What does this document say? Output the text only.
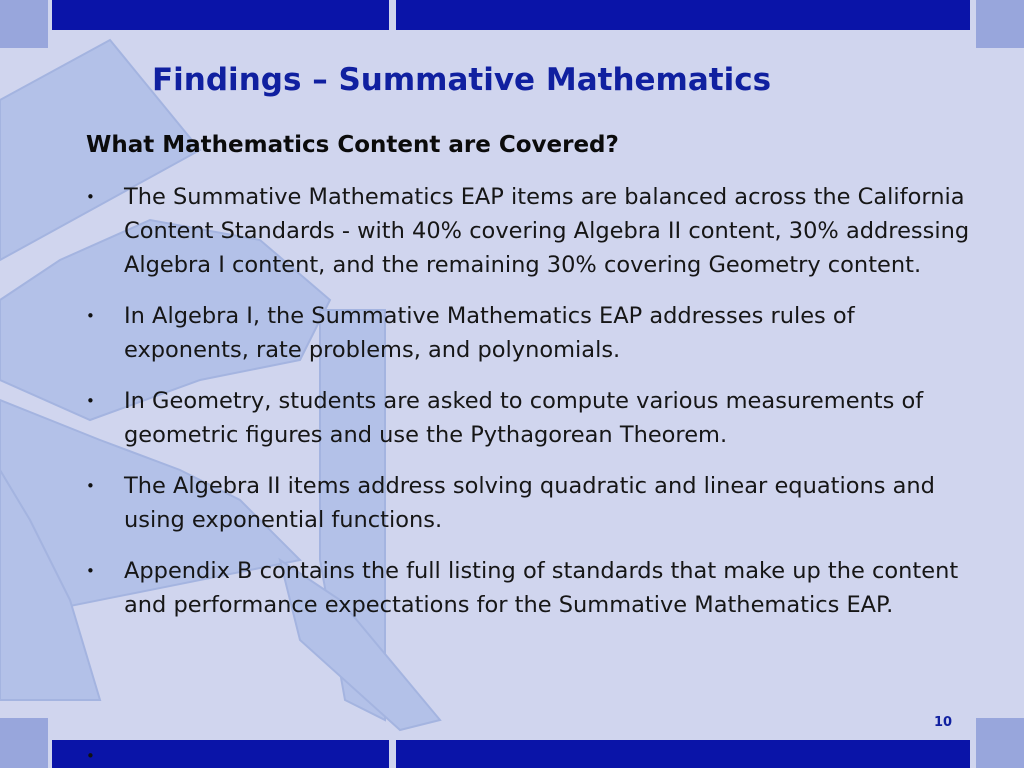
Findings – Summative Mathematics
What Mathematics Content are Covered?
• The Summative Mathematics EAP items are balanced across the California Content Standards - with 40% covering Algebra II content, 30% addressing Algebra I content, and the remaining 30% covering Geometry content.
• In Algebra I, the Summative Mathematics EAP addresses rules of exponents, rate problems, and polynomials.
• In Geometry, students are asked to compute various measurements of geometric figures and use the Pythagorean Theorem.
• The Algebra II items address solving quadratic and linear equations and using exponential functions.
• Appendix B contains the full listing of standards that make up the content and performance expectations for the Summative Mathematics EAP.
•
10
